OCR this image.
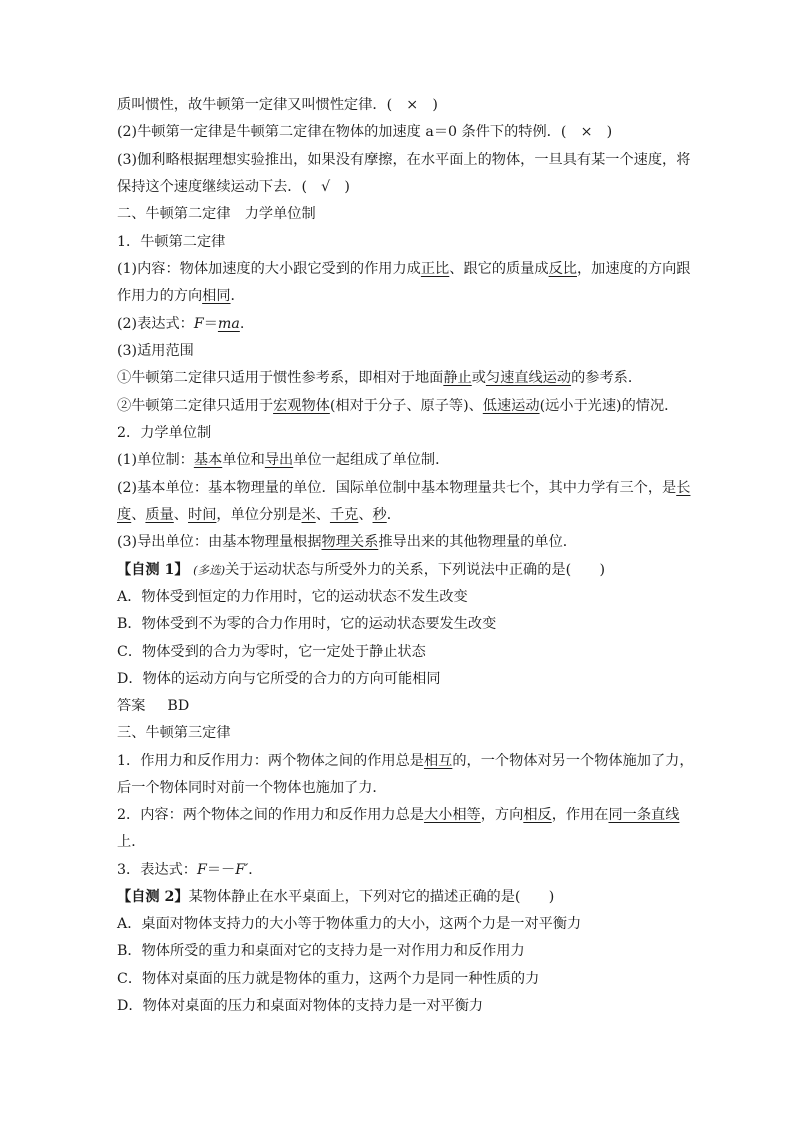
质叫惯性，故牛顿第一定律又叫惯性定律．(　×　)
(2)牛顿第一定律是牛顿第二定律在物体的加速度 a＝0 条件下的特例．(　×　)
(3)伽利略根据理想实验推出，如果没有摩擦，在水平面上的物体，一旦具有某一个速度，将
保持这个速度继续运动下去．(　√　)
二、牛顿第二定律　力学单位制
1．牛顿第二定律
(1)内容：物体加速度的大小跟它受到的作用力成正比、跟它的质量成反比，加速度的方向跟
作用力的方向相同．
(2)表达式：F＝ma.
(3)适用范围
①牛顿第二定律只适用于惯性参考系，即相对于地面静止或匀速直线运动的参考系．
②牛顿第二定律只适用于宏观物体(相对于分子、原子等)、低速运动(远小于光速)的情况．
2．力学单位制
(1)单位制：基本单位和导出单位一起组成了单位制．
(2)基本单位：基本物理量的单位．国际单位制中基本物理量共七个，其中力学有三个，是长
度、质量、时间，单位分别是米、千克、秒．
(3)导出单位：由基本物理量根据物理关系推导出来的其他物理量的单位．
【自测 1】 (多选)关于运动状态与所受外力的关系，下列说法中正确的是(　　)
A．物体受到恒定的力作用时，它的运动状态不发生改变
B．物体受到不为零的合力作用时，它的运动状态要发生改变
C．物体受到的合力为零时，它一定处于静止状态
D．物体的运动方向与它所受的合力的方向可能相同
答案 BD
三、牛顿第三定律
1．作用力和反作用力：两个物体之间的作用总是相互的，一个物体对另一个物体施加了力，
后一个物体同时对前一个物体也施加了力．
2．内容：两个物体之间的作用力和反作用力总是大小相等，方向相反，作用在同一条直线
上．
3．表达式：F＝－F′．
【自测 2】某物体静止在水平桌面上，下列对它的描述正确的是(　　)
A．桌面对物体支持力的大小等于物体重力的大小，这两个力是一对平衡力
B．物体所受的重力和桌面对它的支持力是一对作用力和反作用力
C．物体对桌面的压力就是物体的重力，这两个力是同一种性质的力
D．物体对桌面的压力和桌面对物体的支持力是一对平衡力
